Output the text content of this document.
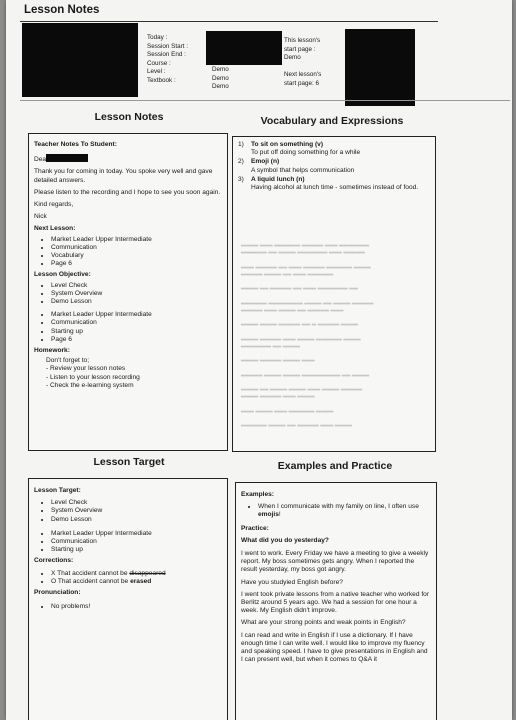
Lesson Notes
Today :
Session Start :
Session End :
Course :
Level :
Textbook :
Demo
Demo
Demo
This lesson's
start page :
Demo
Next lesson's
start page: 6
Lesson Notes	Vocabulary and Expressions
Teacher Notes To Student:
Dea
Thank you for coming in today. You spoke very well and gave detailed answers.
Please listen to the recording and I hope to see you soon again.
Kind regards,
Nick
Next Lesson:
• Market Leader Upper Intermediate
• Communication
• Vocabulary
• Page 6
Lesson Objective:
• Level Check
• System Overview
• Demo Lesson
• Market Leader Upper Intermediate
• Communication
• Starting up
• Page 6
Homework:
Don't forget to;
- Review your lesson notes
- Listen to your lesson recording
- Check the e-learning system
1) To sit on something (v)
To put off doing something for a while
2) Emoji (n)
A symbol that helps communication
3) A liquid lunch (n)
Having alcohol at lunch time - sometimes instead of food.
▂▂▂▂ ▂▂▂ ▂▂▂▂▂▂ ▂▂▂▂▂ ▂▂▂ ▂▂▂▂▂▂▂
▂▂▂▂▂▂ ▂▂ ▂▂▂▂ ▂▂▂▂▂▂▂ ▂▂▂ ▂▂▂▂▂

▂▂▂ ▂▂▂▂▂ ▂▂ ▂▂▂ ▂▂▂▂▂ ▂▂▂▂▂▂ ▂▂▂▂
▂▂▂▂▂ ▂▂▂▂ ▂▂ ▂▂▂ ▂▂▂▂▂▂

▂▂▂▂ ▂▂ ▂▂▂▂▂ ▂▂ ▂▂▂ ▂▂▂▂▂▂▂ ▂▂

▂▂▂▂▂▂ ▂▂▂▂▂▂▂▂ ▂▂▂▂ ▂▂ ▂▂▂▂ ▂▂▂▂▂
▂▂▂▂▂ ▂▂▂ ▂▂▂▂ ▂▂ ▂▂▂▂▂ ▂▂▂

▂▂▂▂ ▂▂▂▂ ▂▂▂▂▂ ▂▂ ▂ ▂▂▂▂▂ ▂▂▂▂

▂▂▂▂ ▂▂▂▂▂ ▂▂▂ ▂▂▂▂ ▂▂▂▂▂▂ ▂▂▂▂
▂▂▂▂▂▂▂ ▂▂ ▂▂▂▂

▂▂▂▂ ▂▂▂▂▂ ▂▂▂▂ ▂▂▂

▂▂▂▂▂ ▂▂▂▂ ▂▂▂▂ ▂▂▂▂▂▂▂▂▂ ▂▂ ▂▂▂▂

▂▂▂▂ ▂▂ ▂▂▂▂ ▂▂▂▂ ▂▂▂ ▂▂▂▂ ▂▂▂▂▂
▂▂▂▂ ▂▂▂▂▂ ▂▂▂ ▂▂▂▂

▂▂▂ ▂▂▂▂ ▂▂▂ ▂▂▂▂▂▂ ▂▂▂▂

▂▂▂▂▂▂ ▂▂▂▂ ▂▂ ▂▂▂▂▂ ▂▂▂ ▂▂▂▂
Lesson Target	Examples and Practice
Lesson Target:
• Level Check
• System Overview
• Demo Lesson
• Market Leader Upper Intermediate
• Communication
• Starting up
Corrections:
• X That accident cannot be disappeared
• O That accident cannot be erased
Pronunciation:
• No problems!
Examples:
• When I communicate with my family on line, I often use emojis!
Practice:
What did you do yesterday?
I went to work. Every Friday we have a meeting to give a weekly report. My boss sometimes gets angry. When I reported the result yesterday, my boss got angry.
Have you studyied English before?
I went took private lessons from a native teacher who worked for Berlitz around 5 years ago. We had a session for one hour a week. My English didn't improve.
What are your strong points and weak points in English?
I can read and write in English if I use a dictionary. If I have enough time I can write well. I would like to improve my fluency and speaking speed. I have to give presentations in English and I can present well, but when it comes to Q&A it
